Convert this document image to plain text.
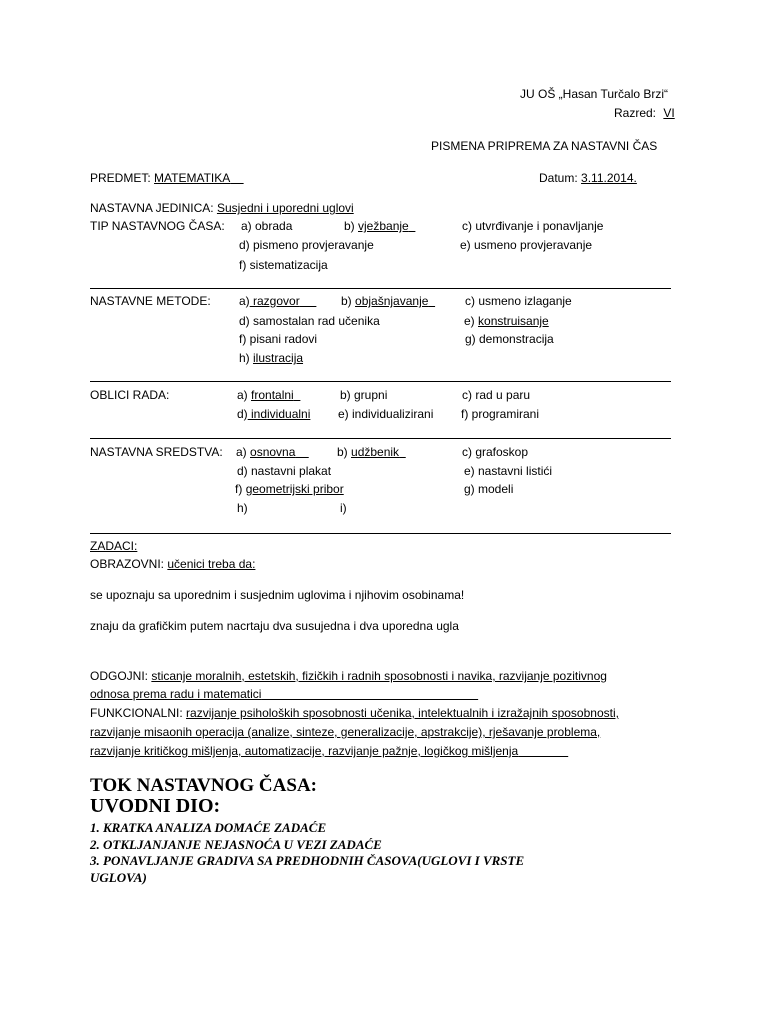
JU OŠ „Hasan Turčalo Brzi“
Razred: VI
PISMENA PRIPREMA ZA NASTAVNI ČAS
PREDMET: MATEMATIKA	Datum: 3.11.2014.
NASTAVNA JEDINICA: Susjedni i uporedni uglovi
TIP NASTAVNOG ČASA: a) obrada	b) vježbanje	c) utvrđivanje i ponavljanje
d) pismeno provjeravanje	e) usmeno provjeravanje
f) sistematizacija
NASTAVNE METODE: a) razgovor	b) objašnjavanje	c) usmeno izlaganje
d) samostalan rad učenika	e) konstruisanje
f) pisani radovi	g) demonstracija
h) ilustracija
OBLICI RADA:	a) frontalni	b) grupni	c) rad u paru
d) individualni e) individualizirani f) programirani
NASTAVNA SREDSTVA: a) osnovna	b) udžbenik	c) grafoskop
d) nastavni plakat	e) nastavni listići
f) geometrijski pribor	g) modeli
h)	i)
ZADACI:
OBRAZOVNI: učenici treba da:
se upoznaju sa uporednim i susjednim uglovima i njihovim osobinama!
znaju da grafičkim putem nacrtaju dva susujedna i dva uporedna ugla
ODGOJNI: sticanje moralnih, estetskih, fizičkih i radnih sposobnosti i navika, razvijanje pozitivnog
odnosa prema radu i matematici
FUNKCIONALNI: razvijanje psiholoških sposobnosti učenika, intelektualnih i izražajnih sposobnosti,
razvijanje misaonih operacija (analize, sinteze, generalizacije, apstrakcije), rješavanje problema,
razvijanje kritičkog mišljenja, automatizacije, razvijanje pažnje, logičkog mišljenja
TOK NASTAVNOG ČASA:
UVODNI DIO:
1. KRATKA ANALIZA DOMAĆE ZADAĆE
2. OTKLJANJANJE NEJASNOĆA U VEZI ZADAĆE
3. PONAVLJANJE GRADIVA SA PREDHODNIH ČASOVA(UGLOVI I VRSTE
UGLOVA)
